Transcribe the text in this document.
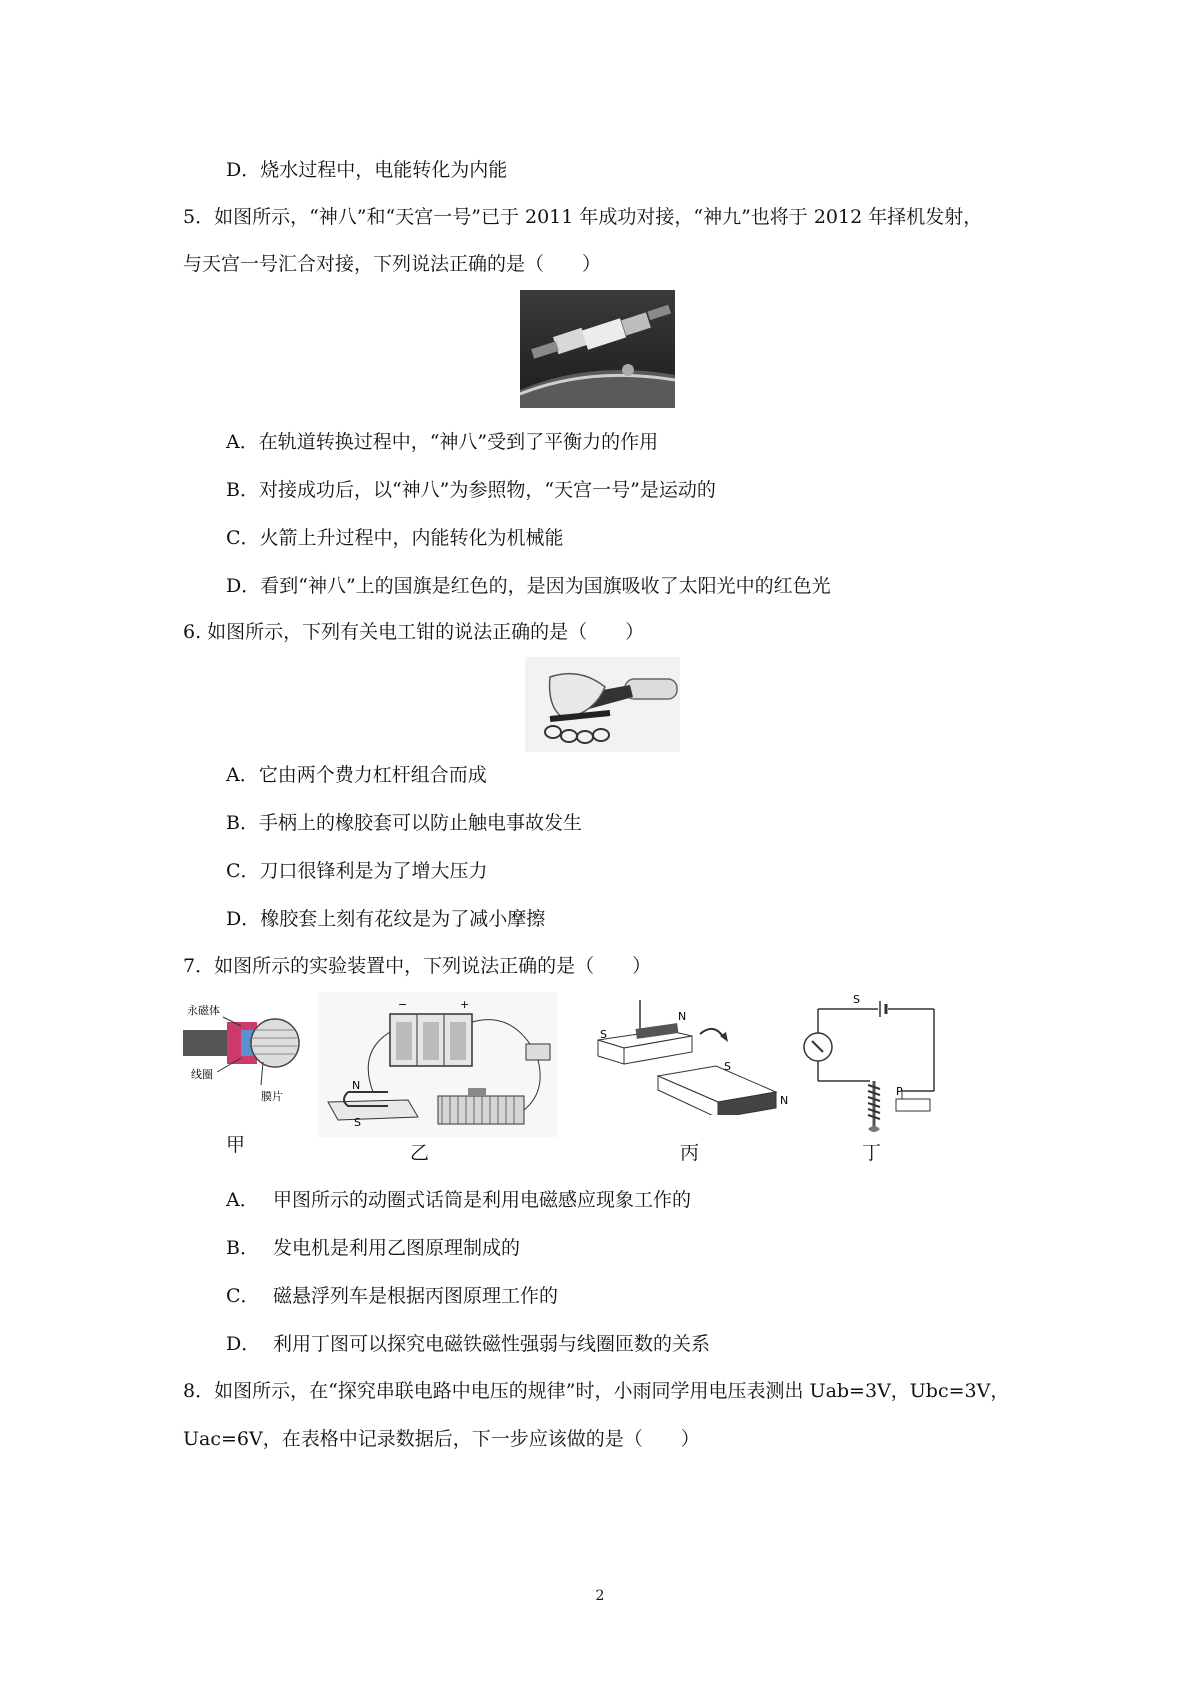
D．烧水过程中，电能转化为内能
5．如图所示，“神八”和“天宫一号”已于 2011 年成功对接，“神九”也将于 2012 年择机发射，
与天宫一号汇合对接，下列说法正确的是（　　）
A．在轨道转换过程中，“神八”受到了平衡力的作用
B．对接成功后，以“神八”为参照物，“天宫一号”是运动的
C．火箭上升过程中，内能转化为机械能
D．看到“神八”上的国旗是红色的，是因为国旗吸收了太阳光中的红色光
6. 如图所示，下列有关电工钳的说法正确的是（　　）
A．它由两个费力杠杆组合而成
B．手柄上的橡胶套可以防止触电事故发生
C．刀口很锋利是为了增大压力
D．橡胶套上刻有花纹是为了减小摩擦
7．如图所示的实验装置中，下列说法正确的是（　　）
永磁体
线圈
膜片
甲
−	+
N
S
乙
N
S
S
N
丙
S
P
丁
A． 甲图所示的动圈式话筒是利用电磁感应现象工作的
B． 发电机是利用乙图原理制成的
C． 磁悬浮列车是根据丙图原理工作的
D． 利用丁图可以探究电磁铁磁性强弱与线圈匝数的关系
8．如图所示，在“探究串联电路中电压的规律”时，小雨同学用电压表测出 Uab=3V，Ubc=3V，
Uac=6V，在表格中记录数据后，下一步应该做的是（　　）
2
